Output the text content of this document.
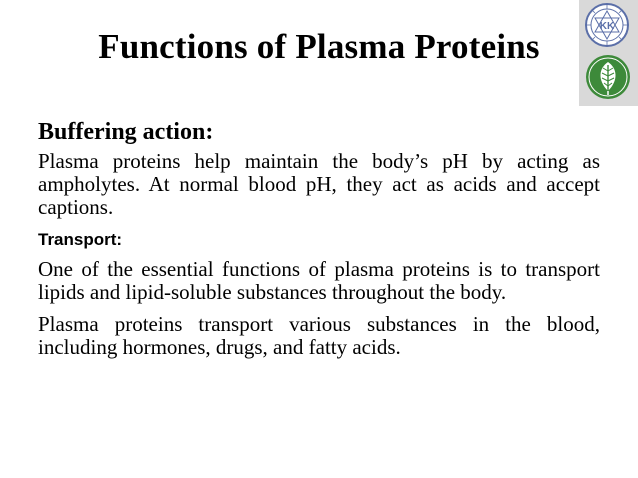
Functions of Plasma Proteins
KK
Buffering action:

Plasma proteins help maintain the body’s pH by acting as ampholytes. At normal blood pH, they act as acids and accept captions.

Transport:

One of the essential functions of plasma proteins is to transport lipids and lipid-soluble substances throughout the body.

Plasma proteins transport various substances in the blood, including hormones, drugs, and fatty acids.
